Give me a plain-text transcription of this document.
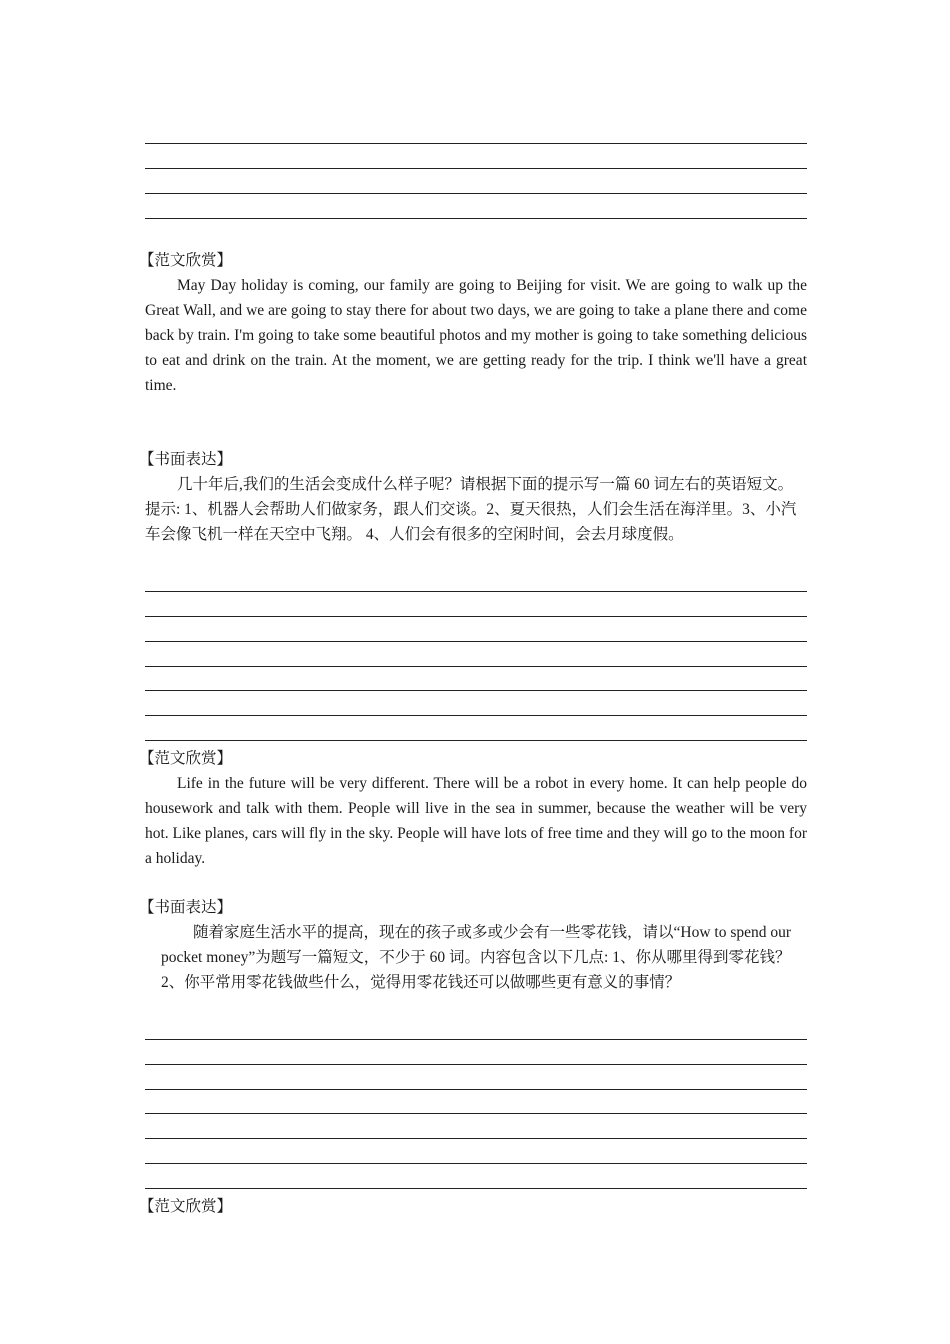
【范文欣赏】
May Day holiday is coming, our family are going to Beijing for visit. We are going to walk up the Great Wall, and we are going to stay there for about two days, we are going to take a plane there and come back by train. I'm going to take some beautiful photos and my mother is going to take something delicious to eat and drink on the train. At the moment, we are getting ready for the trip. I think we'll have a great time.
【书面表达】
几十年后,我们的生活会变成什么样子呢？请根据下面的提示写一篇 60 词左右的英语短文。提示: 1、机器人会帮助人们做家务，跟人们交谈。2、夏天很热，人们会生活在海洋里。3、小汽车会像飞机一样在天空中飞翔。 4、人们会有很多的空闲时间，会去月球度假。
【范文欣赏】
Life in the future will be very different. There will be a robot in every home. It can help people do housework and talk with them. People will live in the sea in summer, because the weather will be very hot. Like planes, cars will fly in the sky. People will have lots of free time and they will go to the moon for a holiday.
【书面表达】
随着家庭生活水平的提高，现在的孩子或多或少会有一些零花钱，请以“How to spend our pocket money”为题写一篇短文，不少于 60 词。内容包含以下几点: 1、你从哪里得到零花钱？2、你平常用零花钱做些什么，觉得用零花钱还可以做哪些更有意义的事情？
【范文欣赏】
